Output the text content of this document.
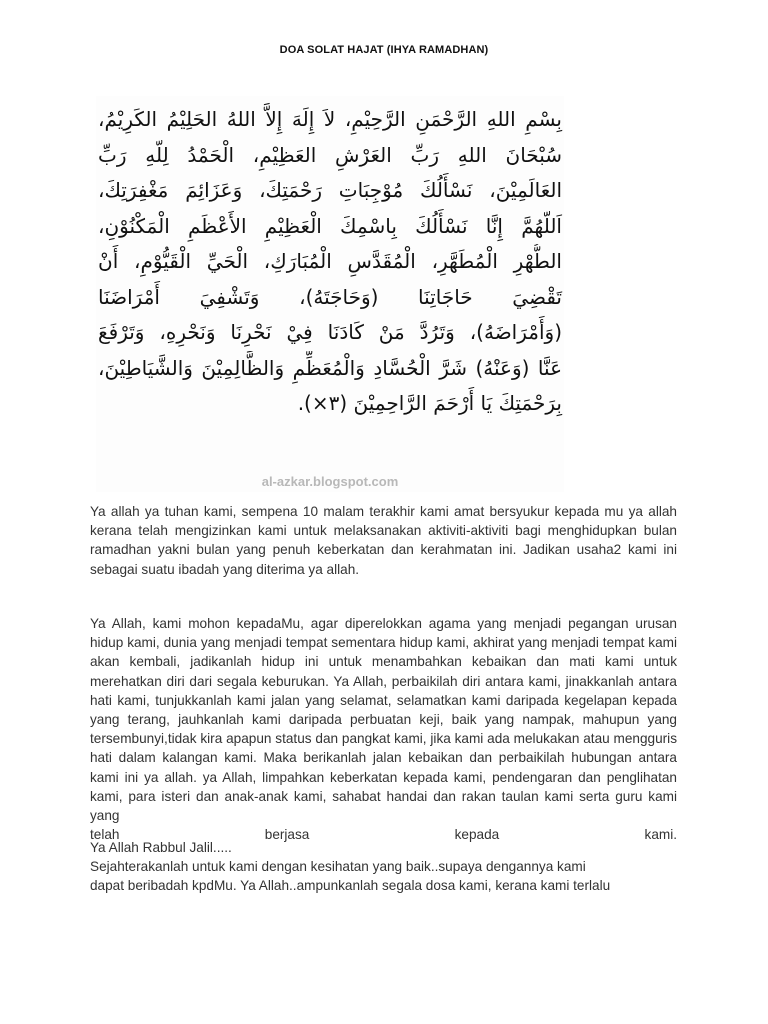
DOA SOLAT HAJAT (IHYA RAMADHAN)
بِسْمِ اللهِ الرَّحْمَنِ الرَّحِيْمِ، لاَ إِلَهَ إِلاَّ اللهُ الحَلِيْمُ الكَرِيْمُ،
سُبْحَانَ اللهِ رَبِّ العَرْشِ العَظِيْمِ، الْحَمْدُ لِلّهِ رَبِّ
العَالَمِيْنَ، نَسْأَلُكَ مُوْجِبَاتِ رَحْمَتِكَ، وَعَزَائِمَ مَغْفِرَتِكَ،
اَللّهُمَّ إِنَّا نَسْأَلُكَ بِاسْمِكَ الْعَظِيْمِ الأَعْظَمِ الْمَكْنُوْنِ،
الطُّهْرِ الْمُطَهَّرِ، الْمُقَدَّسِ الْمُبَارَكِ، الْحَيِّ الْقَيُّوْمِ، أَنْ
تَقْضِيَ حَاجَاتِنَا (وَحَاجَتَهُ)، وَتَشْفِيَ أَمْرَاضَنَا
(وَأَمْرَاضَهُ)، وَتَرُدَّ مَنْ كَادَنَا فِيْ نَحْرِنَا وَنَحْرِهِ، وَتَرْفَعَ
عَنَّا (وَعَنْهُ) شَرَّ الْحُسَّادِ وَالْمُعَظِّمِ وَالظَّالِمِيْنَ وَالشَّيَاطِيْنَ،
بِرَحْمَتِكَ يَا أَرْحَمَ الرَّاحِمِيْنَ (٣×).
al-azkar.blogspot.com

Ya allah ya tuhan kami, sempena 10 malam terakhir kami amat bersyukur kepada mu ya allah kerana telah mengizinkan kami untuk melaksanakan aktiviti-aktiviti bagi menghidupkan bulan ramadhan yakni bulan yang penuh keberkatan dan kerahmatan ini. Jadikan usaha2 kami ini sebagai suatu ibadah yang diterima ya allah.

Ya Allah, kami mohon kepadaMu, agar diperelokkan agama yang menjadi pegangan urusan hidup kami, dunia yang menjadi tempat sementara hidup kami, akhirat yang menjadi tempat kami akan kembali, jadikanlah hidup ini untuk menambahkan kebaikan dan mati kami untuk merehatkan diri dari segala keburukan. Ya Allah, perbaikilah diri antara kami, jinakkanlah antara hati kami, tunjukkanlah kami jalan yang selamat, selamatkan kami daripada kegelapan kepada yang terang, jauhkanlah kami daripada perbuatan keji, baik yang nampak, mahupun yang tersembunyi,tidak kira apapun status dan pangkat kami, jika kami ada melukakan atau mengguris hati dalam kalangan kami. Maka berikanlah jalan kebaikan dan perbaikilah hubungan antara kami ini ya allah. ya Allah, limpahkan keberkatan kepada kami, pendengaran dan penglihatan kami, para isteri dan anak-anak kami, sahabat handai dan rakan taulan kami serta guru kami yang
telah berjasa kepada kami.
Ya Allah Rabbul Jalil.....
Sejahterakanlah untuk kami dengan kesihatan yang baik..supaya dengannya kami
dapat beribadah kpdMu. Ya Allah..ampunkanlah segala dosa kami, kerana kami terlalu
